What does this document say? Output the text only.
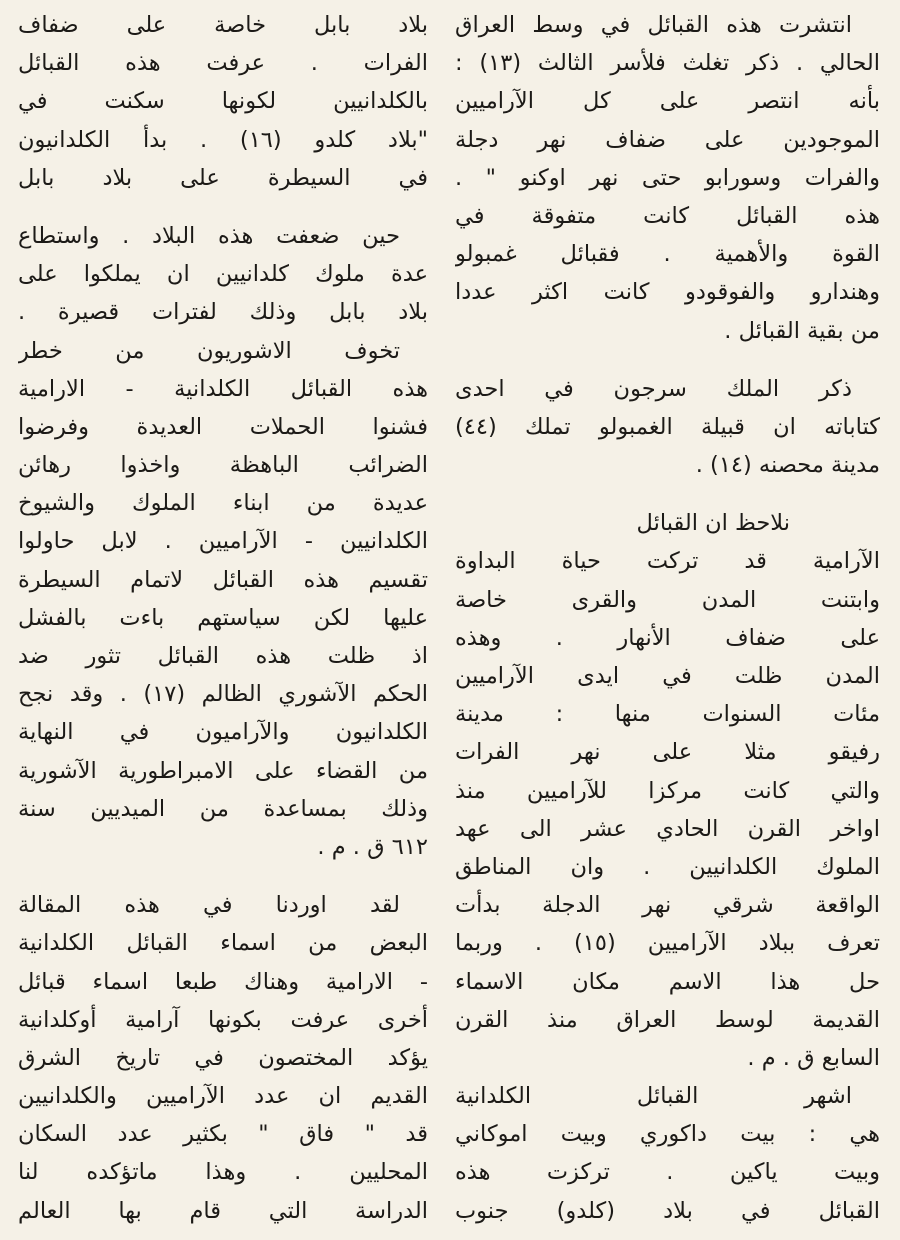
انتشرت هذه القبائل في وسط العراق
الحالي . ذكر تغلث فلأسر الثالث (١٣) :
بأنه انتصر على كل الآراميين
الموجودين على ضفاف نهر دجلة
والفرات وسورابو حتى نهر اوكنو " .
هذه القبائل كانت متفوقة في
القوة والأهمية . فقبائل غمبولو
وهندارو والفوقودو كانت اكثر عددا
من بقية القبائل .
ذكر الملك سرجون في احدى
كتاباته ان قبيلة الغمبولو تملك (٤٤)
مدينة محصنه (١٤) .
نلاحظ ان القبائل
الآرامية قد تركت حياة البداوة
وابتنت المدن والقرى خاصة
على ضفاف الأنهار . وهذه
المدن ظلت في ايدى الآراميين
مئات السنوات منها : مدينة
رفيقو مثلا على نهر الفرات
والتي كانت مركزا للآراميين منذ
اواخر القرن الحادي عشر الى عهد
الملوك الكلدانيين . وان المناطق
الواقعة شرقي نهر الدجلة بدأت
تعرف ببلاد الآراميين (١٥) . وربما
حل هذا الاسم مكان الاسماء
القديمة لوسط العراق منذ القرن
السابع ق . م .
اشهر القبائل الكلدانية
هي : بيت داكوري وبيت اموكاني
وبيت ياكين . تركزت هذه
القبائل في بلاد (كلدو) جنوب
بلاد بابل خاصة على ضفاف
الفرات . عرفت هذه القبائل
بالكلدانيين لكونها سكنت في
"بلاد كلدو (١٦) . بدأ الكلدانيون
في السيطرة على بلاد بابل
حين ضعفت هذه البلاد . واستطاع
عدة ملوك كلدانيين ان يملكوا على
بلاد بابل وذلك لفترات قصيرة .
تخوف الاشوريون من خطر
هذه القبائل الكلدانية - الارامية
فشنوا الحملات العديدة وفرضوا
الضرائب الباهظة واخذوا رهائن
عديدة من ابناء الملوك والشيوخ
الكلدانيين - الآراميين . لابل حاولوا
تقسيم هذه القبائل لاتمام السيطرة
عليها لكن سياستهم باءت بالفشل
اذ ظلت هذه القبائل تثور ضد
الحكم الآشوري الظالم (١٧) . وقد نجح
الكلدانيون والآراميون في النهاية
من القضاء على الامبراطورية الآشورية
وذلك بمساعدة من الميديين سنة
٦١٢ ق . م .
لقد اوردنا في هذه المقالة
البعض من اسماء القبائل الكلدانية
- الارامية وهناك طبعا اسماء قبائل
أخرى عرفت بكونها آرامية أوكلدانية
يؤكد المختصون في تاريخ الشرق
القديم ان عدد الآراميين والكلدانيين
قد " فاق " بكثير عدد السكان
المحليين . وهذا ماتؤكده لنا
الدراسة التي قام بها العالم
